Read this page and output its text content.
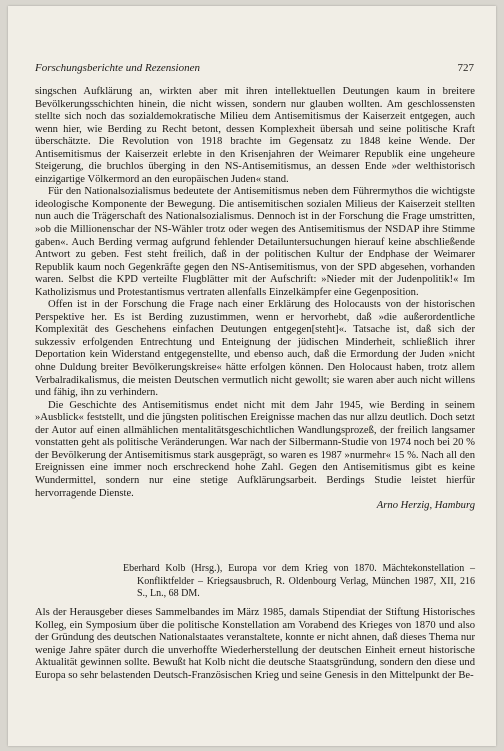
Forschungsberichte und Rezensionen	727

singschen Aufklärung an, wirkten aber mit ihren intellektuellen Deutungen kaum in breitere Bevölkerungsschichten hinein, die nicht wissen, sondern nur glauben wollten. Am geschlossensten stellte sich noch das sozialdemokratische Milieu dem Antisemitismus der Kaiserzeit entgegen, auch wenn hier, wie Berding zu Recht betont, dessen Komplexheit übersah und seine politische Kraft überschätzte. Die Revolution von 1918 brachte im Gegensatz zu 1848 keine Wende. Der Antisemitismus der Kaiserzeit erlebte in den Krisenjahren der Weimarer Republik eine ungeheure Steigerung, die bruchlos überging in den NS-Antisemitismus, an dessen Ende »der welthistorisch einzigartige Völkermord an den europäischen Juden« stand.

Für den Nationalsozialismus bedeutete der Antisemitismus neben dem Führermythos die wichtigste ideologische Komponente der Bewegung. Die antisemitischen sozialen Milieus der Kaiserzeit stellten nun auch die Trägerschaft des Nationalsozialismus. Dennoch ist in der Forschung die Frage umstritten, »ob die Millionenschar der NS-Wähler trotz oder wegen des Antisemitismus der NSDAP ihre Stimme gaben«. Auch Berding vermag aufgrund fehlender Detailuntersuchungen hierauf keine abschließende Antwort zu geben. Fest steht freilich, daß in der politischen Kultur der Endphase der Weimarer Republik kaum noch Gegenkräfte gegen den NS-Antisemitismus, von der SPD abgesehen, vorhanden waren. Selbst die KPD verteilte Flugblätter mit der Aufschrift: »Nieder mit der Judenpolitik!« Im Katholizismus und Protestantismus vertraten allenfalls Einzelkämpfer eine Gegenposition.

Offen ist in der Forschung die Frage nach einer Erklärung des Holocausts von der historischen Perspektive her. Es ist Berding zuzustimmen, wenn er hervorhebt, daß »die außerordentliche Komplexität des Geschehens einfachen Deutungen entgegen[steht]«. Tatsache ist, daß sich der sukzessiv erfolgenden Entrechtung und Enteignung der jüdischen Minderheit, schließlich ihrer Deportation kein Widerstand entgegenstellte, und ebenso auch, daß die Ermordung der Juden »nicht ohne Duldung breiter Bevölkerungskreise« hätte erfolgen können. Den Holocaust haben, trotz allem Verbalradikalismus, die meisten Deutschen vermutlich nicht gewollt; sie waren aber auch nicht willens und fähig, ihn zu verhindern.

Die Geschichte des Antisemitismus endet nicht mit dem Jahr 1945, wie Berding in seinem »Ausblick« feststellt, und die jüngsten politischen Ereignisse machen das nur allzu deutlich. Doch setzt der Autor auf einen allmählichen mentalitätsgeschichtlichen Wandlungsprozeß, der freilich langsamer vonstatten geht als politische Veränderungen. War nach der Silbermann-Studie von 1974 noch bei 20 % der Bevölkerung der Antisemitismus stark ausgeprägt, so waren es 1987 »nurmehr« 15 %. Nach all den Ereignissen eine immer noch erschreckend hohe Zahl. Gegen den Antisemitismus gibt es keine Wundermittel, sondern nur eine stetige Aufklärungsarbeit. Berdings Studie leistet hierfür hervorragende Dienste.

Arno Herzig, Hamburg

Eberhard Kolb (Hrsg.), Europa vor dem Krieg von 1870. Mächtekonstellation – Konfliktfelder – Kriegsausbruch, R. Oldenbourg Verlag, München 1987, XII, 216 S., Ln., 68 DM.

Als der Herausgeber dieses Sammelbandes im März 1985, damals Stipendiat der Stiftung Historisches Kolleg, ein Symposium über die politische Konstellation am Vorabend des Krieges von 1870 und also der Gründung des deutschen Nationalstaates veranstaltete, konnte er nicht ahnen, daß dieses Thema nur wenige Jahre später durch die unverhoffte Wiederherstellung der deutschen Einheit erneut historische Aktualität gewinnen sollte. Bewußt hat Kolb nicht die deutsche Staatsgründung, sondern den diese und Europa so sehr belastenden Deutsch-Französischen Krieg und seine Genesis in den Mittelpunkt der Be-
